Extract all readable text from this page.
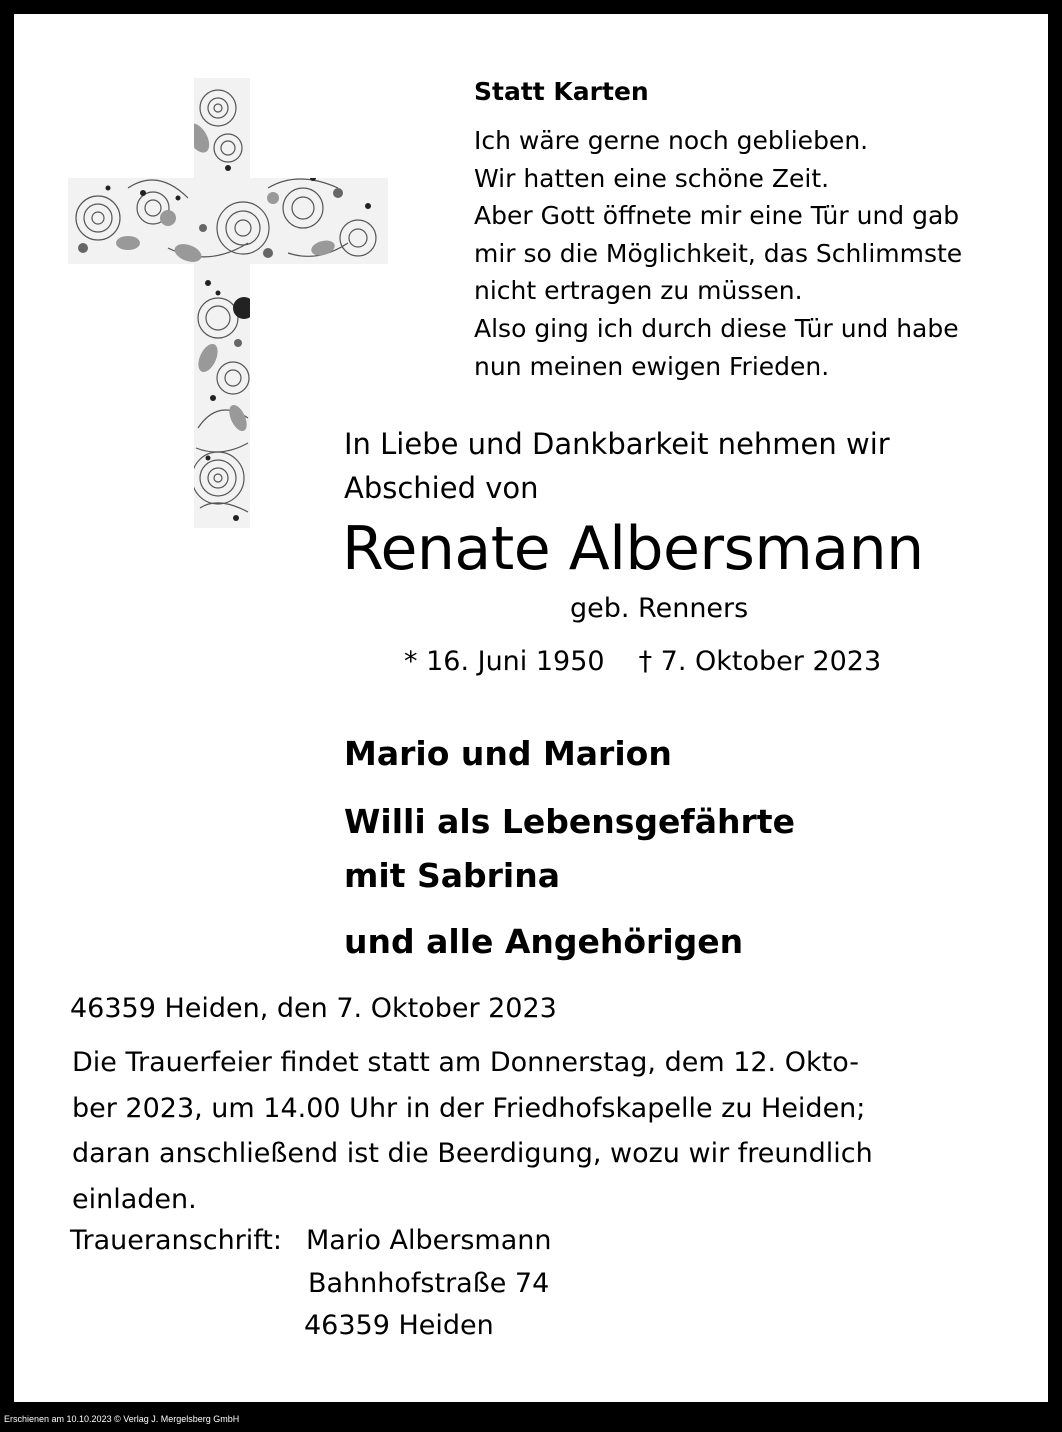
Statt Karten

Ich wäre gerne noch geblieben.
Wir hatten eine schöne Zeit.
Aber Gott öffnete mir eine Tür und gab
mir so die Möglichkeit, das Schlimmste
nicht ertragen zu müssen.
Also ging ich durch diese Tür und habe
nun meinen ewigen Frieden.
In Liebe und Dankbarkeit nehmen wir
Abschied von
Renate Albersmann

geb. Renners

* 16. Juni 1950 † 7. Oktober 2023

Mario und Marion

Willi als Lebensgefährte

mit Sabrina

und alle Angehörigen

46359 Heiden, den 7. Oktober 2023

Die Trauerfeier findet statt am Donnerstag, dem 12. Okto-
ber 2023, um 14.00 Uhr in der Friedhofskapelle zu Heiden;
daran anschließend ist die Beerdigung, wozu wir freundlich
einladen.

Traueranschrift: Mario Albersmann

Bahnhofstraße 74

46359 Heiden

Erschienen am 10.10.2023 © Verlag J. Mergelsberg GmbH
